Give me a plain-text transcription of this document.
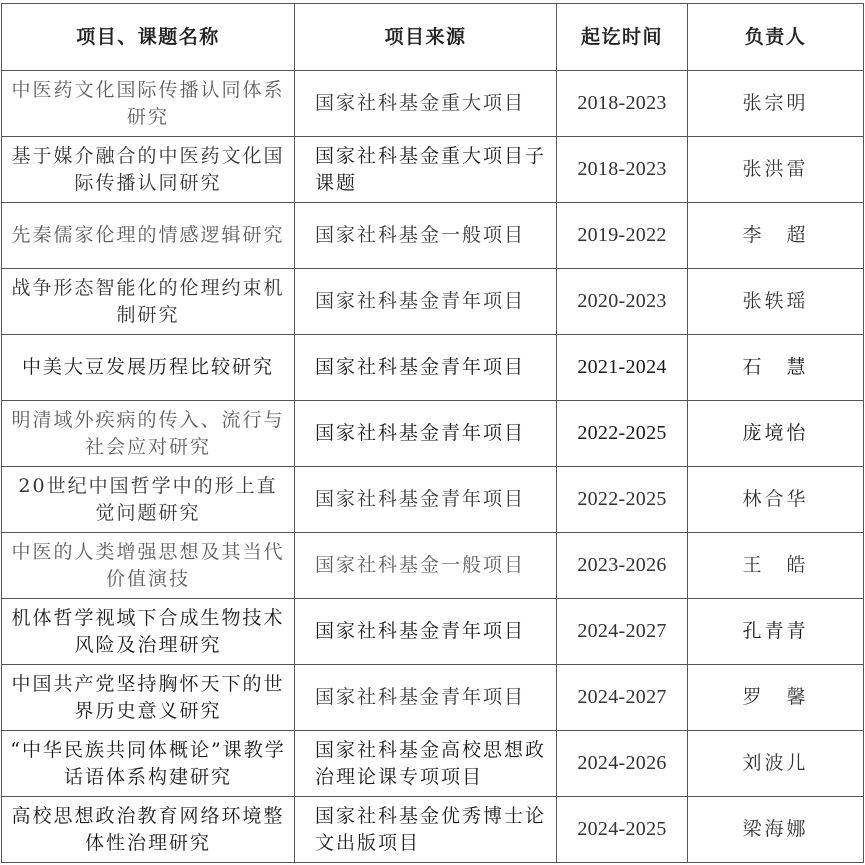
项目、课题名称	项目来源	起讫时间	负责人
中医药文化国际传播认同体系研究	国家社科基金重大项目	2018-2023	张宗明
基于媒介融合的中医药文化国际传播认同研究	国家社科基金重大项目子课题	2018-2023	张洪雷
先秦儒家伦理的情感逻辑研究	国家社科基金一般项目	2019-2022	李　超
战争形态智能化的伦理约束机制研究	国家社科基金青年项目	2020-2023	张轶瑶
中美大豆发展历程比较研究	国家社科基金青年项目	2021-2024	石　慧
明清域外疾病的传入、流行与社会应对研究	国家社科基金青年项目	2022-2025	庞境怡
20世纪中国哲学中的形上直觉问题研究	国家社科基金青年项目	2022-2025	林合华
中医的人类增强思想及其当代价值演技	国家社科基金一般项目	2023-2026	王　皓
机体哲学视域下合成生物技术风险及治理研究	国家社科基金青年项目	2024-2027	孔青青
中国共产党坚持胸怀天下的世界历史意义研究	国家社科基金青年项目	2024-2027	罗　馨
“中华民族共同体概论”课教学话语体系构建研究	国家社科基金高校思想政治理论课专项项目	2024-2026	刘波儿
高校思想政治教育网络环境整体性治理研究	国家社科基金优秀博士论文出版项目	2024-2025	梁海娜
